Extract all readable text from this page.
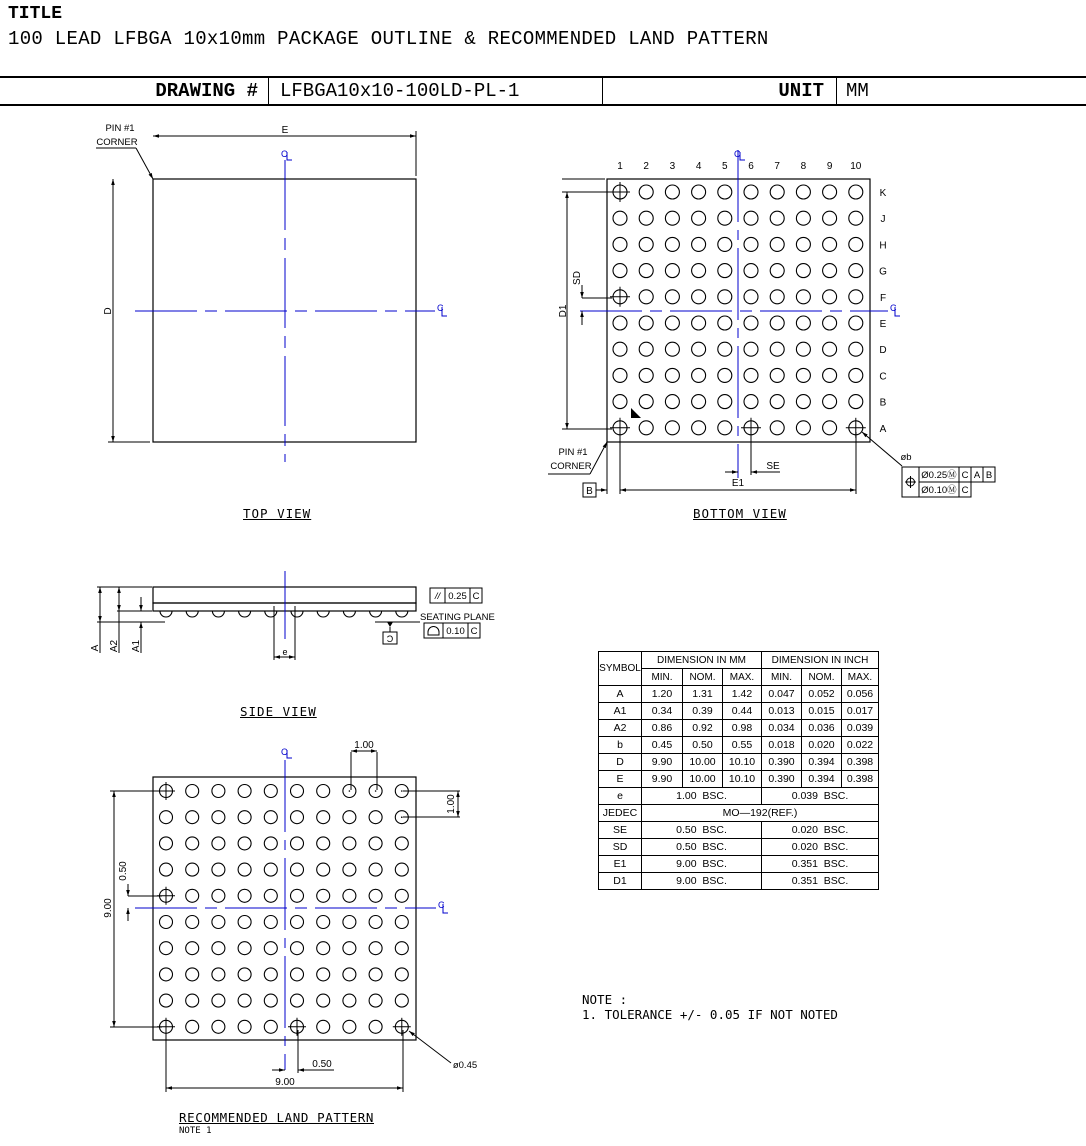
TITLE
100 LEAD LFBGA 10x10mm PACKAGE OUTLINE & RECOMMENDED LAND PATTERN
DRAWING # LFBGA10x10-100LD-PL-1	UNIT MM
E
D
PIN #1
CORNER
C
C
1 2 3 4 5 6 7 8 9 10
K
J
H
G
F
E
D
C
B
A
C
C
D1
SD
E1
SE
B
PIN #1
CORNER
øb
Ø0.25Ⓜ C A B
Ø0.10Ⓜ C
A A2 A1	e
// 0.25 C
SEATING PLANE
0.10 C
C
C
C
1.00
1.00
9.00
0.50
9.00
0.50	ø0.45
TOP VIEW	BOTTOM VIEW
SIDE VIEW
RECOMMENDED LAND PATTERN
NOTE 1
SYMBOL	DIMENSION IN MM			DIMENSION IN INCH		
	MIN.	NOM.	MAX.	MIN.	NOM.	MAX.
A	1.20	1.31	1.42	0.047	0.052	0.056
A1	0.34	0.39	0.44	0.013	0.015	0.017
A2	0.86	0.92	0.98	0.034	0.036	0.039
b	0.45	0.50	0.55	0.018	0.020	0.022
D	9.90	10.00	10.10	0.390	0.394	0.398
E	9.90	10.00	10.10	0.390	0.394	0.398
e	1.00  BSC.			0.039  BSC.		
JEDEC	MO—192(REF.)					
SE	0.50  BSC.			0.020  BSC.		
SD	0.50  BSC.			0.020  BSC.		
E1	9.00  BSC.			0.351  BSC.		
D1	9.00  BSC.			0.351  BSC.		
NOTE :
1. TOLERANCE +/- 0.05 IF NOT NOTED
